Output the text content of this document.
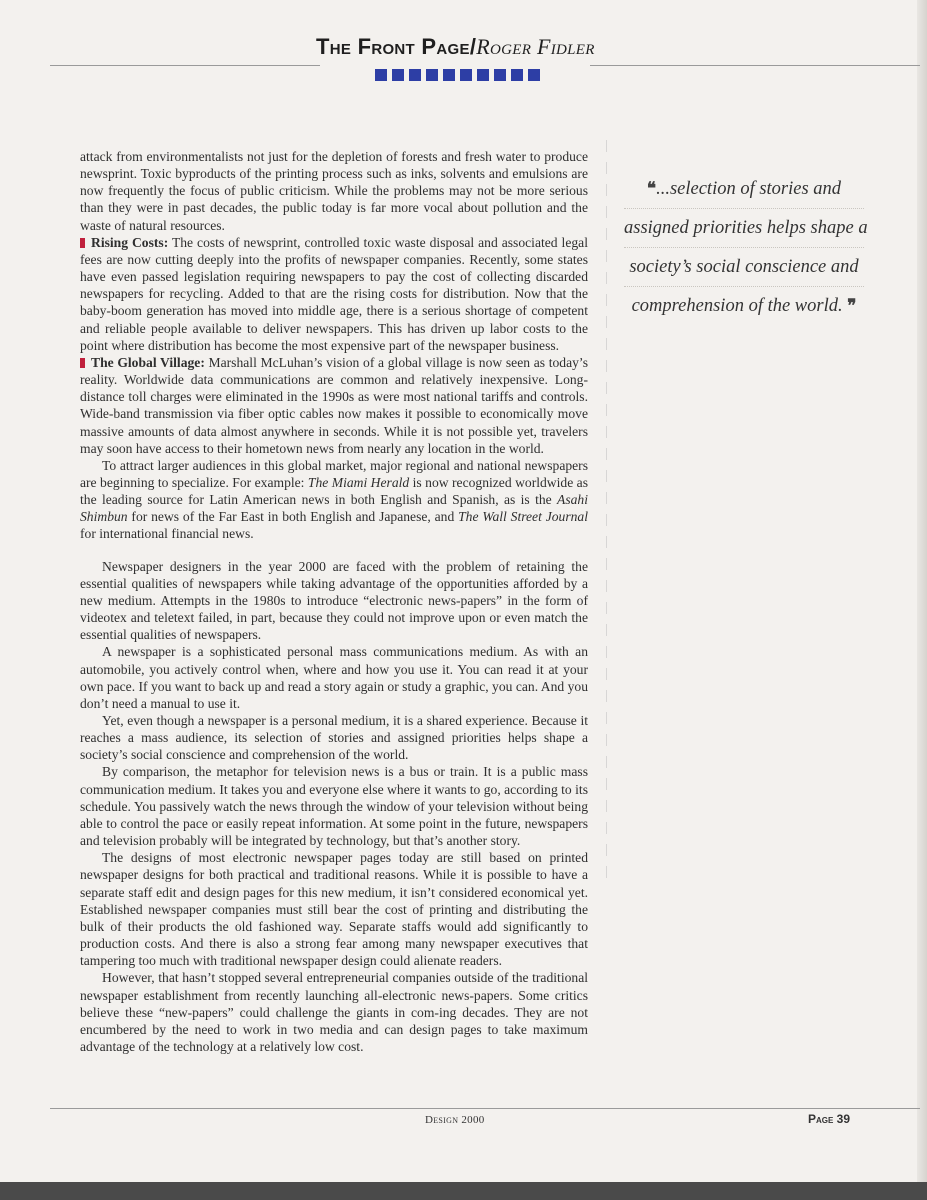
The Front Page/Roger Fidler

attack from environmentalists not just for the depletion of forests and fresh water to produce newsprint. Toxic byproducts of the printing process such as inks, solvents and emulsions are now frequently the focus of public criticism. While the problems may not be more serious than they were in past decades, the public today is far more vocal about pollution and the waste of natural resources.

Rising Costs: The costs of newsprint, controlled toxic waste disposal and associated legal fees are now cutting deeply into the profits of newspaper companies. Recently, some states have even passed legislation requiring newspapers to pay the cost of collecting discarded newspapers for recycling. Added to that are the rising costs for distribution. Now that the baby-boom generation has moved into middle age, there is a serious shortage of competent and reliable people available to deliver newspapers. This has driven up labor costs to the point where distribution has become the most expensive part of the newspaper business.

The Global Village: Marshall McLuhan’s vision of a global village is now seen as today’s reality. Worldwide data communications are common and relatively inexpensive. Long-distance toll charges were eliminated in the 1990s as were most national tariffs and controls. Wide-band transmission via fiber optic cables now makes it possible to economically move massive amounts of data almost anywhere in seconds. While it is not possible yet, travelers may soon have access to their hometown news from nearly any location in the world.

To attract larger audiences in this global market, major regional and national newspapers are beginning to specialize. For example: The Miami Herald is now recognized worldwide as the leading source for Latin American news in both English and Spanish, as is the Asahi Shimbun for news of the Far East in both English and Japanese, and The Wall Street Journal for international financial news.

Newspaper designers in the year 2000 are faced with the problem of retaining the essential qualities of newspapers while taking advantage of the opportunities afforded by a new medium. Attempts in the 1980s to introduce “electronic news-papers” in the form of videotex and teletext failed, in part, because they could not improve upon or even match the essential qualities of newspapers.

A newspaper is a sophisticated personal mass communications medium. As with an automobile, you actively control when, where and how you use it. You can read it at your own pace. If you want to back up and read a story again or study a graphic, you can. And you don’t need a manual to use it.

Yet, even though a newspaper is a personal medium, it is a shared experience. Because it reaches a mass audience, its selection of stories and assigned priorities helps shape a society’s social conscience and comprehension of the world.

By comparison, the metaphor for television news is a bus or train. It is a public mass communication medium. It takes you and everyone else where it wants to go, according to its schedule. You passively watch the news through the window of your television without being able to control the pace or easily repeat information. At some point in the future, newspapers and television probably will be integrated by technology, but that’s another story.

The designs of most electronic newspaper pages today are still based on printed newspaper designs for both practical and traditional reasons. While it is possible to have a separate staff edit and design pages for this new medium, it isn’t considered economical yet. Established newspaper companies must still bear the cost of printing and distributing the bulk of their products the old fashioned way. Separate staffs would add significantly to production costs. And there is also a strong fear among many newspaper executives that tampering too much with traditional newspaper design could alienate readers.

However, that hasn’t stopped several entrepreneurial companies outside of the traditional newspaper establishment from recently launching all-electronic news-papers. Some critics believe these “new-papers” could challenge the giants in com-ing decades. They are not encumbered by the need to work in two media and can design pages to take maximum advantage of the technology at a relatively low cost.

❝...selection of stories and
assigned priorities helps shape a
society’s social conscience and
comprehension of the world. ❞
Design 2000	Page 39
